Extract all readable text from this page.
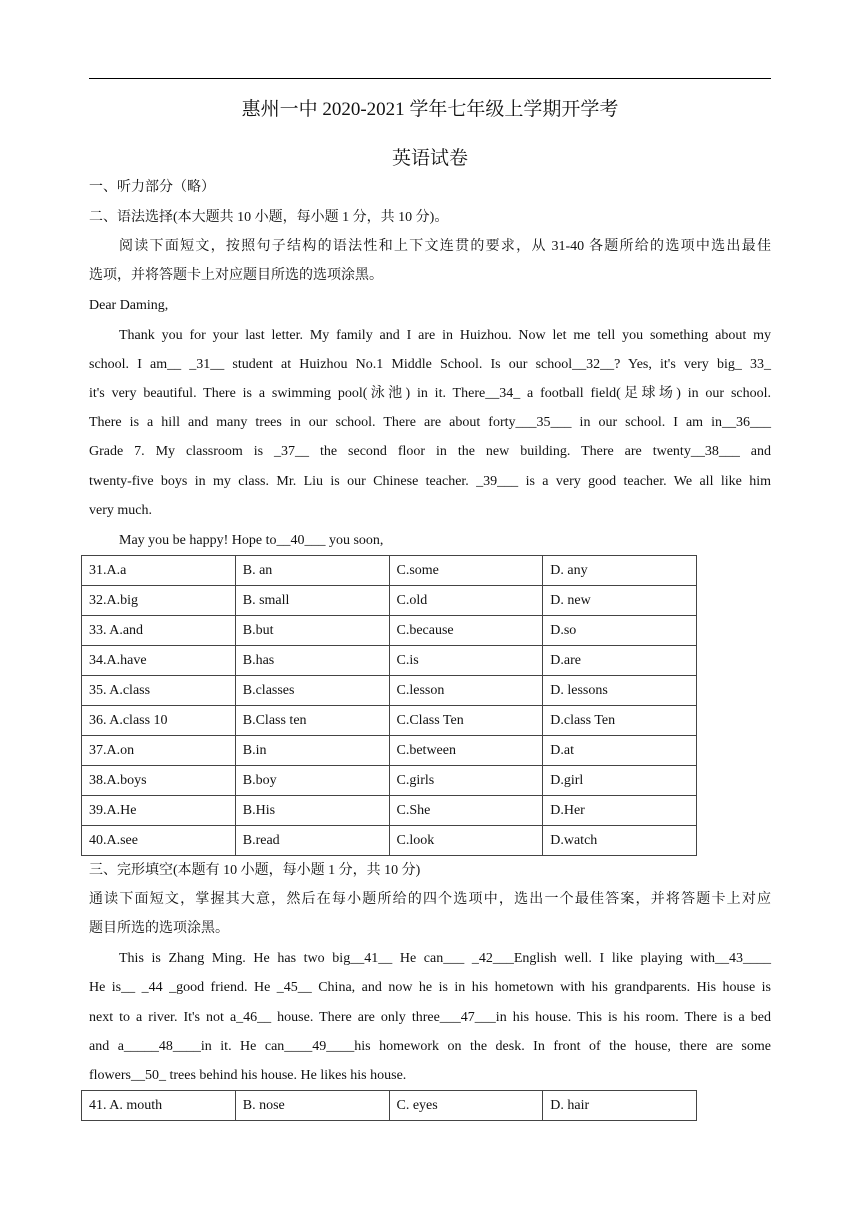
惠州一中 2020-2021 学年七年级上学期开学考
英语试卷
一、听力部分（略）
二、语法选择(本大题共 10 小题，每小题 1 分，共 10 分)。
阅读下面短文，按照句子结构的语法性和上下文连贯的要求，从 31-40 各题所给的选项中选出最佳
选项，并将答题卡上对应题目所选的选项涂黑。
Dear Daming,
Thank you for your last letter. My family and I are in Huizhou. Now let me tell you something about my
school. I am__ _31__ student at Huizhou No.1 Middle School. Is our school__32__? Yes, it's very big_ 33_
it's very beautiful. There is a swimming pool(泳池) in it. There__34_ a football field(足球场) in our school.
There is a hill and many trees in our school. There are about forty___35___ in our school. I am in__36___
Grade 7. My classroom is _37__ the second floor in the new building. There are twenty__38___ and
twenty-five boys in my class. Mr. Liu is our Chinese teacher. _39___ is a very good teacher. We all like him
very much.
May you be happy! Hope to__40___ you soon,
31.A.a	B. an	C.some	D. any
32.A.big	B. small	C.old	D. new
33. A.and	B.but	C.because	D.so
34.A.have	B.has	C.is	D.are
35. A.class	B.classes	C.lesson	D. lessons
36. A.class 10	B.Class ten	C.Class Ten	D.class Ten
37.A.on	B.in	C.between	D.at
38.A.boys	B.boy	C.girls	D.girl
39.A.He	B.His	C.She	D.Her
40.A.see	B.read	C.look	D.watch
三、完形填空(本题有 10 小题，每小题 1 分，共 10 分)
通读下面短文，掌握其大意，然后在每小题所给的四个选项中，选出一个最佳答案，并将答题卡上对应
题目所选的选项涂黑。
This is Zhang Ming. He has two big__41__ He can___ _42___English well. I like playing with__43____
He is__ _44 _good friend. He _45__ China, and now he is in his hometown with his grandparents. His house is
next to a river. It's not a_46__ house. There are only three___47___in his house. This is his room. There is a bed
and a_____48____in it. He can____49____his homework on the desk. In front of the house, there are some
flowers__50_ trees behind his house. He likes his house.
41. A. mouth	B. nose	C. eyes	D. hair
